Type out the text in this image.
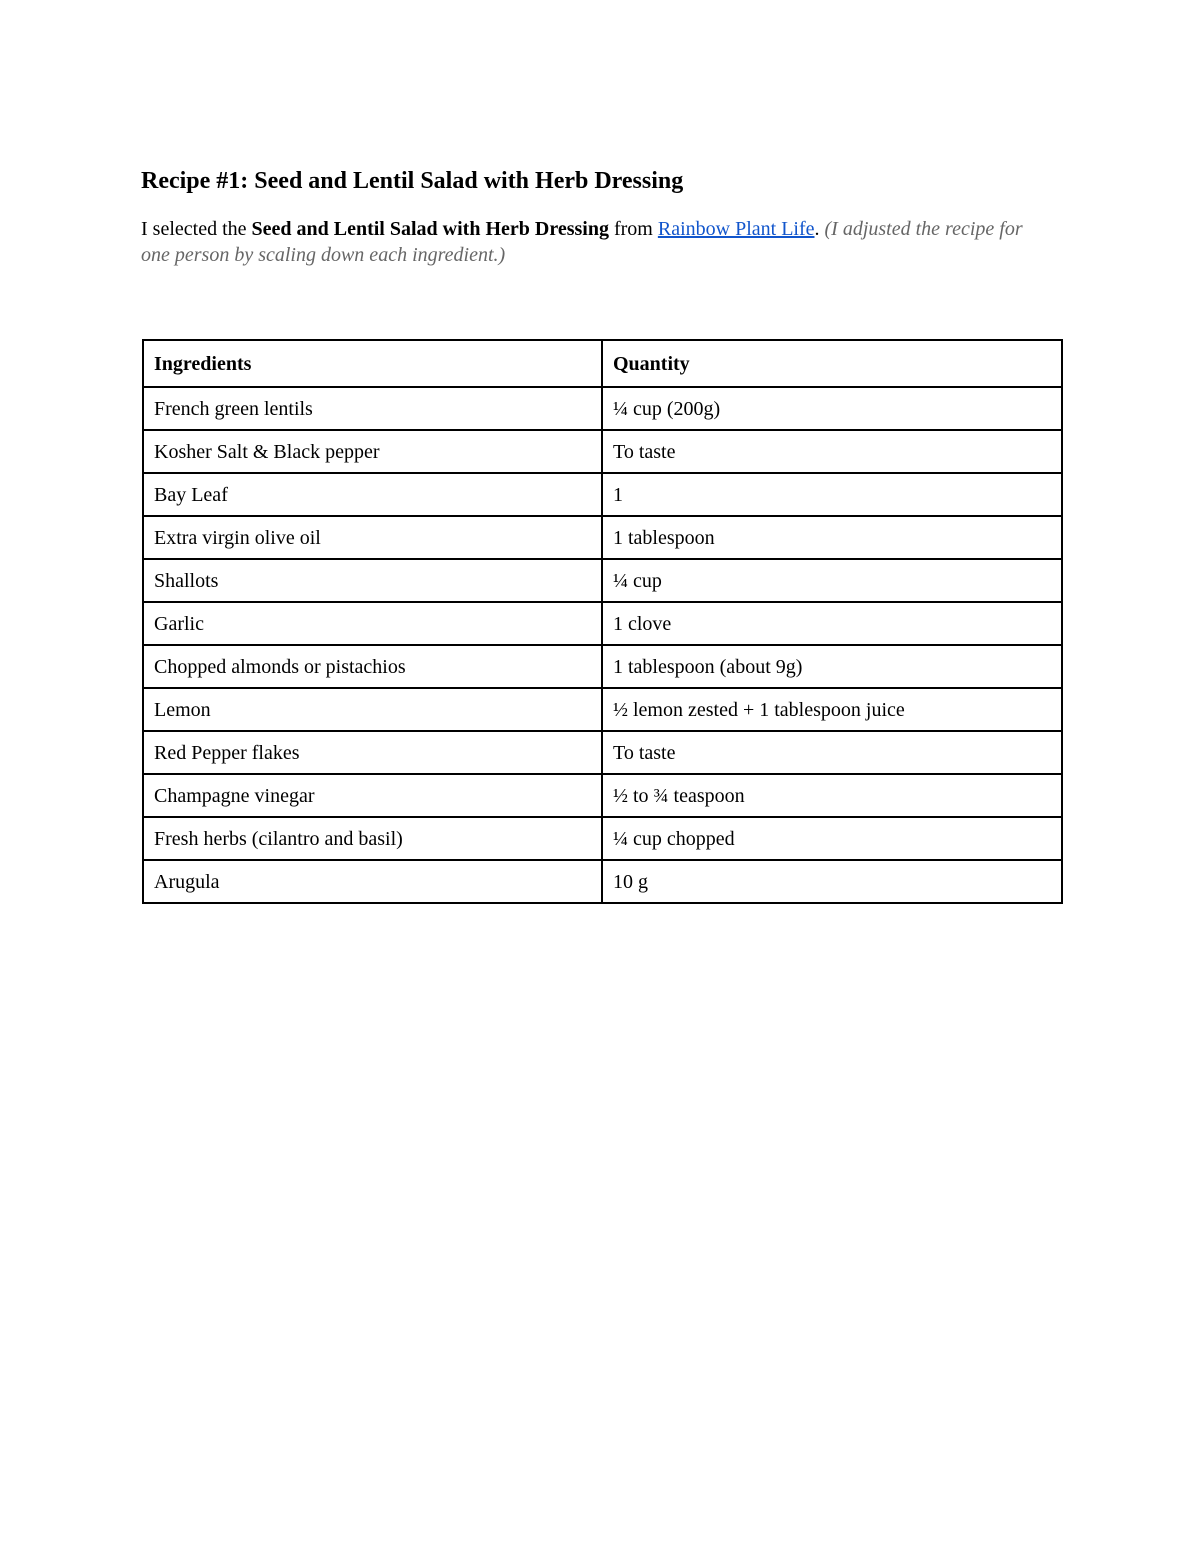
Recipe #1: Seed and Lentil Salad with Herb Dressing

I selected the Seed and Lentil Salad with Herb Dressing from Rainbow Plant Life. (I adjusted the recipe for one person by scaling down each ingredient.)

Ingredients	Quantity
French green lentils	¼ cup (200g)
Kosher Salt & Black pepper	To taste
Bay Leaf	1
Extra virgin olive oil	1 tablespoon
Shallots	¼ cup
Garlic	1 clove
Chopped almonds or pistachios	1 tablespoon (about 9g)
Lemon	½ lemon zested + 1 tablespoon juice
Red Pepper flakes	To taste
Champagne vinegar	½ to ¾ teaspoon
Fresh herbs (cilantro and basil)	¼ cup chopped
Arugula	10 g
